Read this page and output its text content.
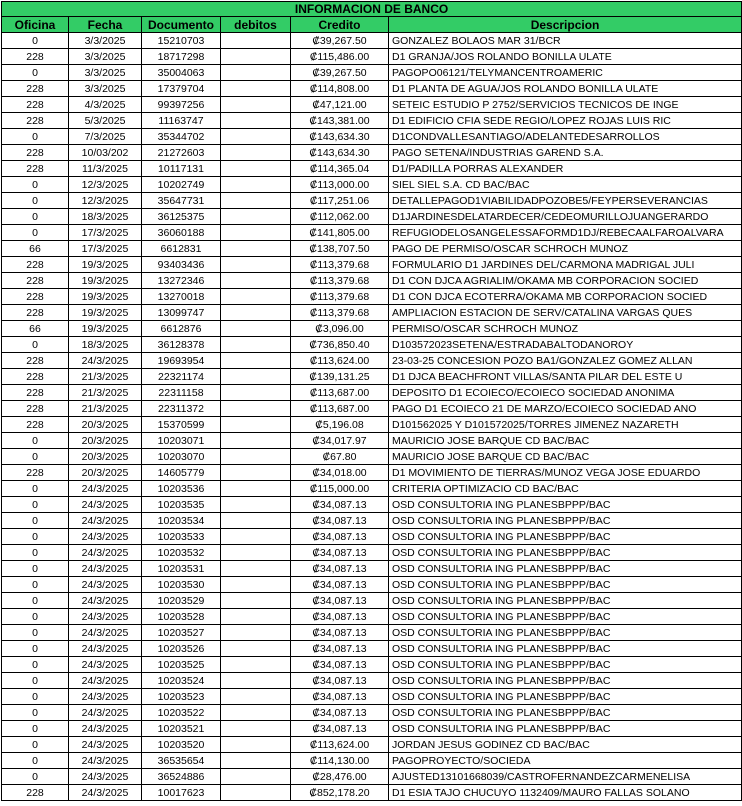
INFORMACION DE BANCO					
Oficina	Fecha	Documento	debitos	Credito	Descripcion
0	3/3/2025	15210703		₡39,267.50	GONZALEZ BOLAOS MAR 31/BCR
228	3/3/2025	18717298		₡115,486.00	D1 GRANJA/JOS ROLANDO BONILLA ULATE
0	3/3/2025	35004063		₡39,267.50	PAGOPO06121/TELYMANCENTROAMERIC
228	3/3/2025	17379704		₡114,808.00	D1 PLANTA DE AGUA/JOS ROLANDO BONILLA ULATE
228	4/3/2025	99397256		₡47,121.00	SETEIC ESTUDIO P 2752/SERVICIOS TECNICOS DE INGE
228	5/3/2025	11163747		₡143,381.00	D1 EDIFICIO CFIA SEDE REGIO/LOPEZ ROJAS LUIS RIC
0	7/3/2025	35344702		₡143,634.30	D1CONDVALLESANTIAGO/ADELANTEDESARROLLOS
228	10/03/202	21272603		₡143,634.30	PAGO SETENA/INDUSTRIAS GAREND S.A.
228	11/3/2025	10117131		₡114,365.04	D1/PADILLA PORRAS ALEXANDER
0	12/3/2025	10202749		₡113,000.00	SIEL SIEL S.A. CD BAC/BAC
0	12/3/2025	35647731		₡117,251.06	DETALLEPAGOD1VIABILIDADPOZOBE5/FEYPERSEVERANCIAS
0	18/3/2025	36125375		₡112,062.00	D1JARDINESDELATARDECER/CEDEOMURILLOJUANGERARDO
0	17/3/2025	36060188		₡141,805.00	REFUGIODELOSANGELESSAFORMD1DJ/REBECAALFAROALVARA
66	17/3/2025	6612831		₡138,707.50	PAGO DE PERMISO/OSCAR SCHROCH MUNOZ
228	19/3/2025	93403436		₡113,379.68	FORMULARIO D1 JARDINES DEL/CARMONA MADRIGAL JULI
228	19/3/2025	13272346		₡113,379.68	D1 CON DJCA AGRIALIM/OKAMA MB CORPORACION SOCIED
228	19/3/2025	13270018		₡113,379.68	D1 CON DJCA ECOTERRA/OKAMA MB CORPORACION SOCIED
228	19/3/2025	13099747		₡113,379.68	AMPLIACION ESTACION DE SERV/CATALINA VARGAS QUES
66	19/3/2025	6612876		₡3,096.00	PERMISO/OSCAR SCHROCH MUNOZ
0	18/3/2025	36128378		₡736,850.40	D103572023SETENA/ESTRADABALTODANOROY
228	24/3/2025	19693954		₡113,624.00	23-03-25 CONCESION POZO BA1/GONZALEZ GOMEZ ALLAN
228	21/3/2025	22321174		₡139,131.25	D1 DJCA BEACHFRONT VILLAS/SANTA PILAR DEL ESTE U
228	21/3/2025	22311158		₡113,687.00	DEPOSITO D1 ECOIECO/ECOIECO SOCIEDAD ANONIMA
228	21/3/2025	22311372		₡113,687.00	PAGO D1 ECOIECO 21 DE MARZO/ECOIECO SOCIEDAD ANO
228	20/3/2025	15370599		₡5,196.08	D101562025 Y D101572025/TORRES JIMENEZ NAZARETH
0	20/3/2025	10203071		₡34,017.97	MAURICIO JOSE BARQUE CD BAC/BAC
0	20/3/2025	10203070		₡67.80	MAURICIO JOSE BARQUE CD BAC/BAC
228	20/3/2025	14605779		₡34,018.00	D1 MOVIMIENTO DE TIERRAS/MUNOZ VEGA JOSE EDUARDO
0	24/3/2025	10203536		₡115,000.00	CRITERIA OPTIMIZACIO CD BAC/BAC
0	24/3/2025	10203535		₡34,087.13	OSD CONSULTORIA ING PLANESBPPP/BAC
0	24/3/2025	10203534		₡34,087.13	OSD CONSULTORIA ING PLANESBPPP/BAC
0	24/3/2025	10203533		₡34,087.13	OSD CONSULTORIA ING PLANESBPPP/BAC
0	24/3/2025	10203532		₡34,087.13	OSD CONSULTORIA ING PLANESBPPP/BAC
0	24/3/2025	10203531		₡34,087.13	OSD CONSULTORIA ING PLANESBPPP/BAC
0	24/3/2025	10203530		₡34,087.13	OSD CONSULTORIA ING PLANESBPPP/BAC
0	24/3/2025	10203529		₡34,087.13	OSD CONSULTORIA ING PLANESBPPP/BAC
0	24/3/2025	10203528		₡34,087.13	OSD CONSULTORIA ING PLANESBPPP/BAC
0	24/3/2025	10203527		₡34,087.13	OSD CONSULTORIA ING PLANESBPPP/BAC
0	24/3/2025	10203526		₡34,087.13	OSD CONSULTORIA ING PLANESBPPP/BAC
0	24/3/2025	10203525		₡34,087.13	OSD CONSULTORIA ING PLANESBPPP/BAC
0	24/3/2025	10203524		₡34,087.13	OSD CONSULTORIA ING PLANESBPPP/BAC
0	24/3/2025	10203523		₡34,087.13	OSD CONSULTORIA ING PLANESBPPP/BAC
0	24/3/2025	10203522		₡34,087.13	OSD CONSULTORIA ING PLANESBPPP/BAC
0	24/3/2025	10203521		₡34,087.13	OSD CONSULTORIA ING PLANESBPPP/BAC
0	24/3/2025	10203520		₡113,624.00	JORDAN JESUS GODINEZ CD BAC/BAC
0	24/3/2025	36535654		₡114,130.00	PAGOPROYECTO/SOCIEDA
0	24/3/2025	36524886		₡28,476.00	AJUSTED13101668039/CASTROFERNANDEZCARMENELISA
228	24/3/2025	10017623		₡852,178.20	D1 ESIA TAJO CHUCUYO 1132409/MAURO FALLAS SOLANO
